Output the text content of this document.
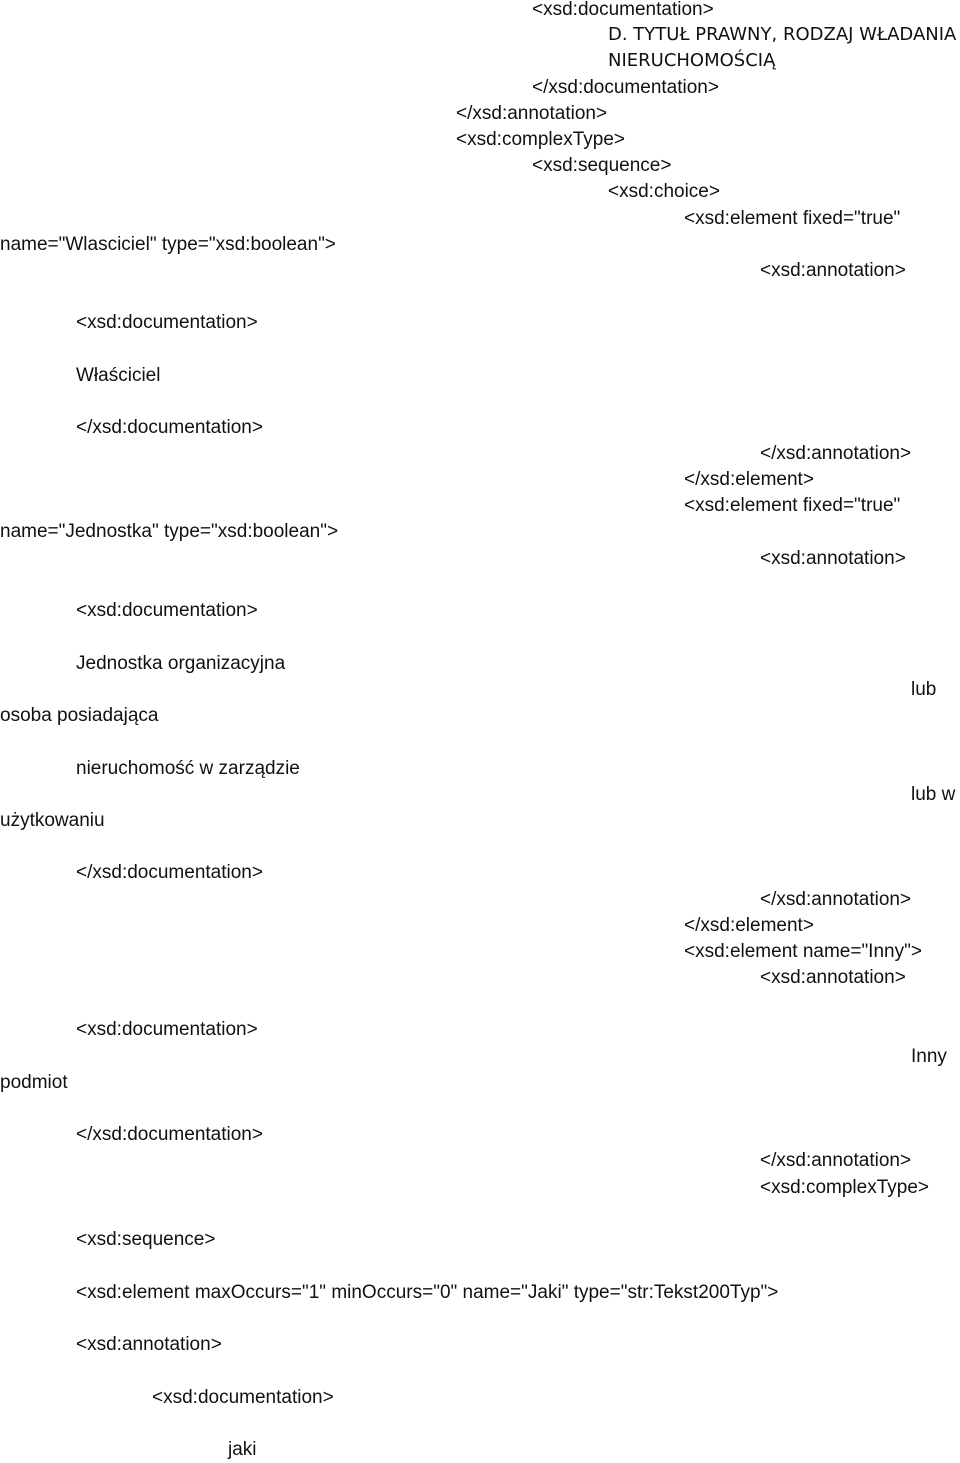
<xsd:documentation>
D. TYTUŁ PRAWNY, RODZAJ WŁADANIA
NIERUCHOMOŚCIĄ
</xsd:documentation>
</xsd:annotation>
<xsd:complexType>
<xsd:sequence>
<xsd:choice>
<xsd:element fixed="true"
name="Wlasciciel" type="xsd:boolean">
<xsd:annotation>
<xsd:documentation>
Właściciel
</xsd:documentation>
</xsd:annotation>
</xsd:element>
<xsd:element fixed="true"
name="Jednostka" type="xsd:boolean">
<xsd:annotation>
<xsd:documentation>
Jednostka organizacyjna
lub
osoba posiadająca
nieruchomość w zarządzie
lub w
użytkowaniu
</xsd:documentation>
</xsd:annotation>
</xsd:element>
<xsd:element name="Inny">
<xsd:annotation>
<xsd:documentation>
Inny
podmiot
</xsd:documentation>
</xsd:annotation>
<xsd:complexType>
<xsd:sequence>
<xsd:element maxOccurs="1" minOccurs="0" name="Jaki" type="str:Tekst200Typ">
<xsd:annotation>
<xsd:documentation>
jaki
